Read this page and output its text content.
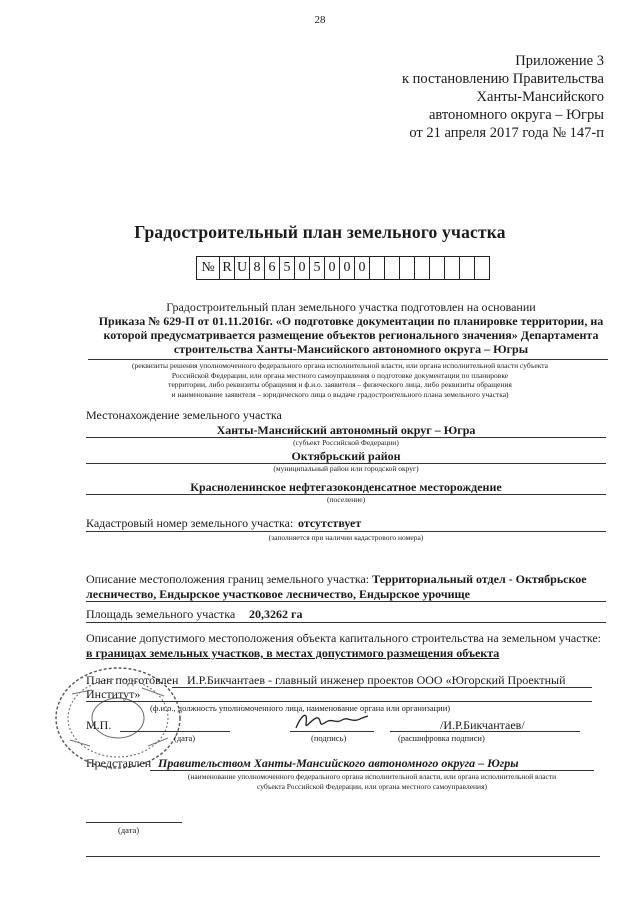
28
Приложение 3
к постановлению Правительства
Ханты-Мансийского
автономного округа – Югры
от 21 апреля 2017 года № 147-п
Градостроительный план земельного участка
№	R	U	8	6	5	0	5	0	0	0								
Градостроительный план земельного участка подготовлен на основании
Приказа № 629-П от 01.11.2016г. «О подготовке документации по планировке территории, на которой предусматривается размещение объектов регионального значения» Департамента строительства Ханты-Мансийского автономного округа – Югры
(реквизиты решения уполномоченного федерального органа исполнительной власти, или органа исполнительной власти субъекта
Российской Федерации, или органа местного самоуправления о подготовке документации по планировке
территории, либо реквизиты обращения и ф.и.о. заявителя – физического лица, либо реквизиты обращения
и наименование заявителя – юридического лица о выдаче градостроительного плана земельного участка)
Местонахождение земельного участка
Ханты-Мансийский автономный округ – Югра
(субъект Российской Федерации)
Октябрьский район
(муниципальный район или городской округ)
Красноленинское нефтегазоконденсатное месторождение
(поселение)
Кадастровый номер земельного участка: отсутствует
(заполняется при наличии кадастрового номера)
Описание местоположения границ земельного участка: Территориальный отдел - Октябрьское
лесничество, Ендырское участковое лесничество, Ендырское урочище
Площадь земельного участка 20,3262 га
Описание допустимого местоположения объекта капитального строительства на земельном участке:
в границах земельных участков, в местах допустимого размещения объекта
План подготовлен И.Р.Бикчантаев - главный инженер проектов ООО «Югорский Проектный
Институт»
(ф.и.о., должность уполномоченного лица, наименование органа или организации)
М.П.
(дата)	(подпись)
/И.Р.Бикчантаев/
(расшифровка подписи)
Представлен Правительством Ханты-Мансийского автономного округа – Югры
(наименование уполномоченного федерального органа исполнительной власти, или органа исполнительной власти
субъекта Российской Федерации, или органа местного самоуправления)
(дата)
